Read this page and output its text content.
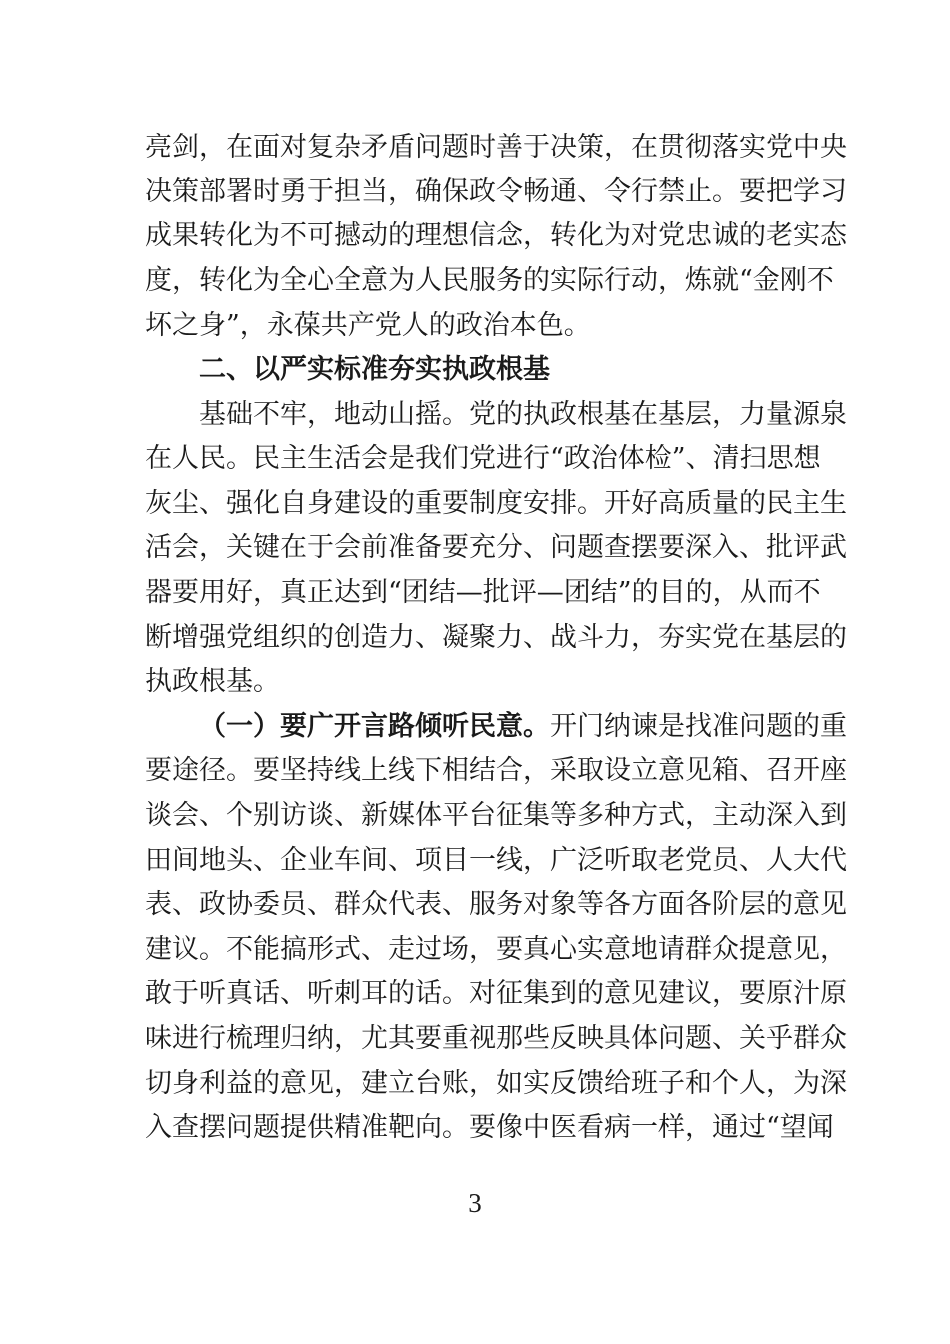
亮剑，在面对复杂矛盾问题时善于决策，在贯彻落实党中央
决策部署时勇于担当，确保政令畅通、令行禁止。要把学习
成果转化为不可撼动的理想信念，转化为对党忠诚的老实态
度，转化为全心全意为人民服务的实际行动，炼就“金刚不
坏之身”，永葆共产党人的政治本色。
二、以严实标准夯实执政根基
基础不牢，地动山摇。党的执政根基在基层，力量源泉
在人民。民主生活会是我们党进行“政治体检”、清扫思想
灰尘、强化自身建设的重要制度安排。开好高质量的民主生
活会，关键在于会前准备要充分、问题查摆要深入、批评武
器要用好，真正达到“团结—批评—团结”的目的，从而不
断增强党组织的创造力、凝聚力、战斗力，夯实党在基层的
执政根基。
（一）要广开言路倾听民意。开门纳谏是找准问题的重
要途径。要坚持线上线下相结合，采取设立意见箱、召开座
谈会、个别访谈、新媒体平台征集等多种方式，主动深入到
田间地头、企业车间、项目一线，广泛听取老党员、人大代
表、政协委员、群众代表、服务对象等各方面各阶层的意见
建议。不能搞形式、走过场，要真心实意地请群众提意见，
敢于听真话、听刺耳的话。对征集到的意见建议，要原汁原
味进行梳理归纳，尤其要重视那些反映具体问题、关乎群众
切身利益的意见，建立台账，如实反馈给班子和个人，为深
入查摆问题提供精准靶向。要像中医看病一样，通过“望闻
3
